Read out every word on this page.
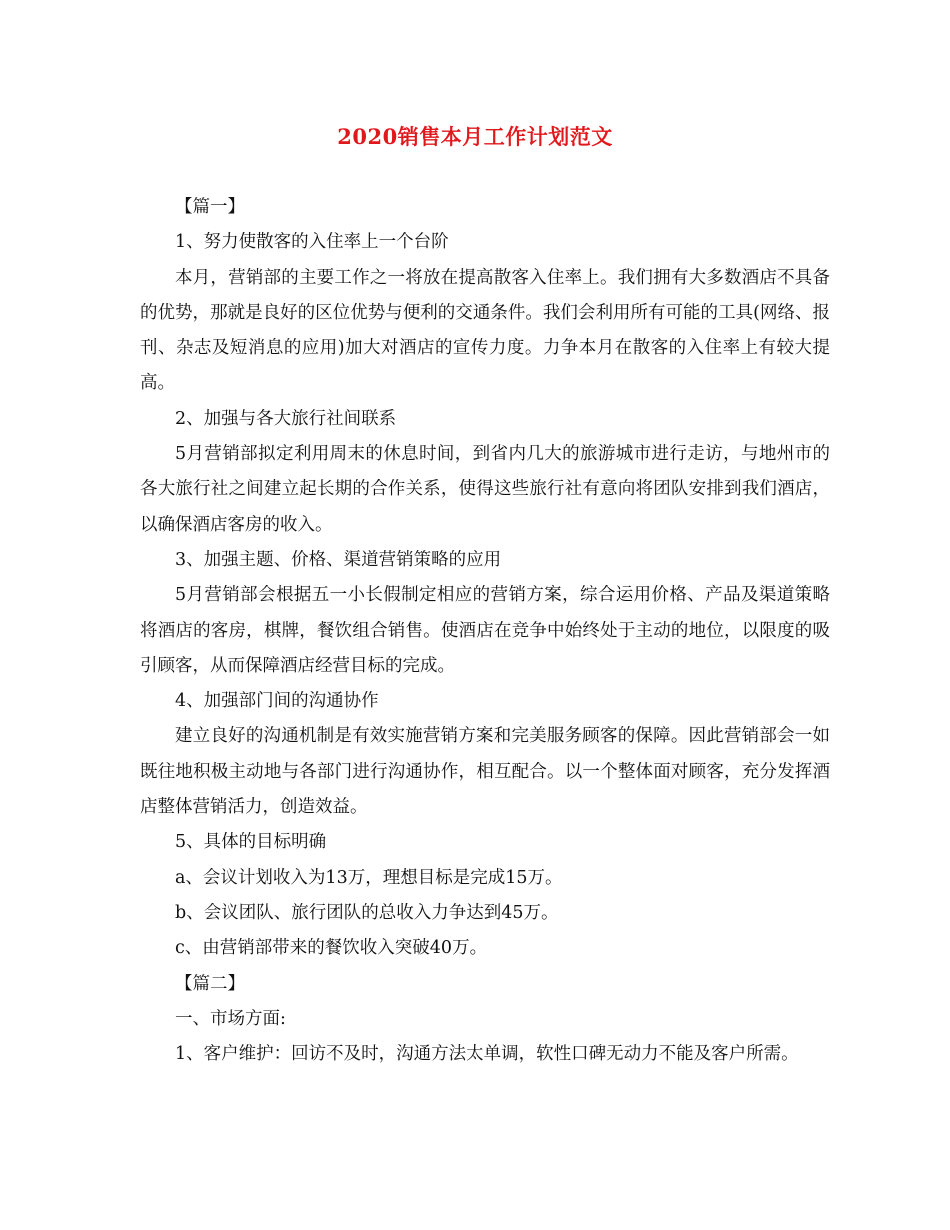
2020销售本月工作计划范文

【篇一】

1、努力使散客的入住率上一个台阶

本月，营销部的主要工作之一将放在提高散客入住率上。我们拥有大多数酒店不具备的优势，那就是良好的区位优势与便利的交通条件。我们会利用所有可能的工具(网络、报刊、杂志及短消息的应用)加大对酒店的宣传力度。力争本月在散客的入住率上有较大提高。

2、加强与各大旅行社间联系

5月营销部拟定利用周末的休息时间，到省内几大的旅游城市进行走访，与地州市的各大旅行社之间建立起长期的合作关系，使得这些旅行社有意向将团队安排到我们酒店，以确保酒店客房的收入。

3、加强主题、价格、渠道营销策略的应用

5月营销部会根据五一小长假制定相应的营销方案，综合运用价格、产品及渠道策略将酒店的客房，棋牌，餐饮组合销售。使酒店在竞争中始终处于主动的地位，以限度的吸引顾客，从而保障酒店经营目标的完成。

4、加强部门间的沟通协作

建立良好的沟通机制是有效实施营销方案和完美服务顾客的保障。因此营销部会一如既往地积极主动地与各部门进行沟通协作，相互配合。以一个整体面对顾客，充分发挥酒店整体营销活力，创造效益。

5、具体的目标明确

a、会议计划收入为13万，理想目标是完成15万。

b、会议团队、旅行团队的总收入力争达到45万。

c、由营销部带来的餐饮收入突破40万。

【篇二】

一、市场方面:

1、客户维护：回访不及时，沟通方法太单调，软性口碑无动力不能及客户所需。
